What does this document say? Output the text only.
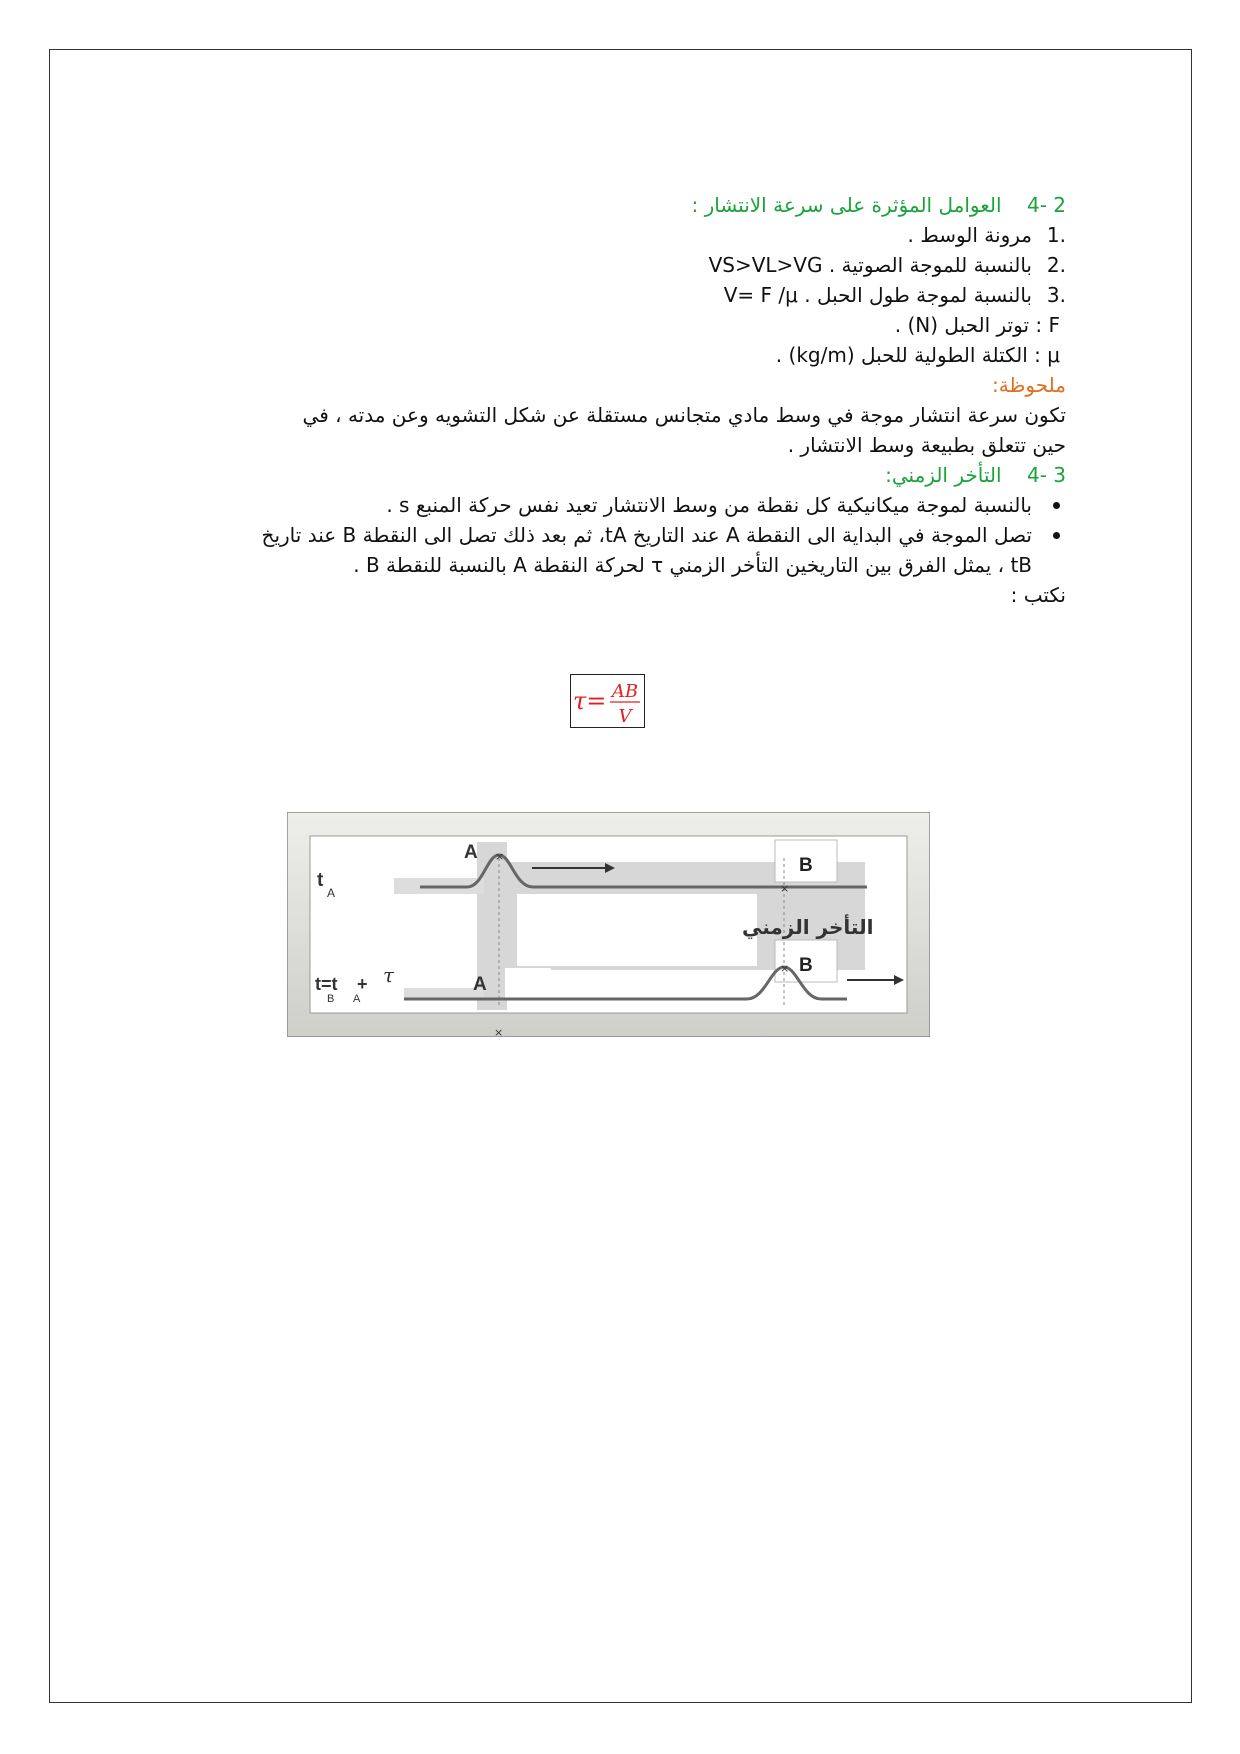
2 -4    العوامل المؤثرة على سرعة الانتشار :
.1
مرونة الوسط .
.2
بالنسبة للموجة الصوتية VS>VL>VG .
.3
بالنسبة لموجة طول الحبل V= F /μ .
F : توتر الحبل (N) .
μ : الكتلة الطولية للحبل (kg/m) .
ملحوظة:
تكون سرعة انتشار موجة في وسط مادي متجانس مستقلة عن شكل التشويه وعن مدته ، في
حين تتعلق بطبيعة وسط الانتشار .
3 -4    التأخر الزمني:
بالنسبة لموجة ميكانيكية كل نقطة من وسط الانتشار تعيد نفس حركة المنبع s .
تصل الموجة في البداية الى النقطة A عند التاريخ tA، ثم بعد ذلك تصل الى النقطة B عند تاريخ
tB ، يمثل الفرق بين التاريخين التأخر الزمني τ لحركة النقطة A بالنسبة للنقطة B .
نكتب :
τ= AB
V
×
×
×
×
A
B
t
A
التأخر الزمني
A
B
t=t
B A
+ τ
